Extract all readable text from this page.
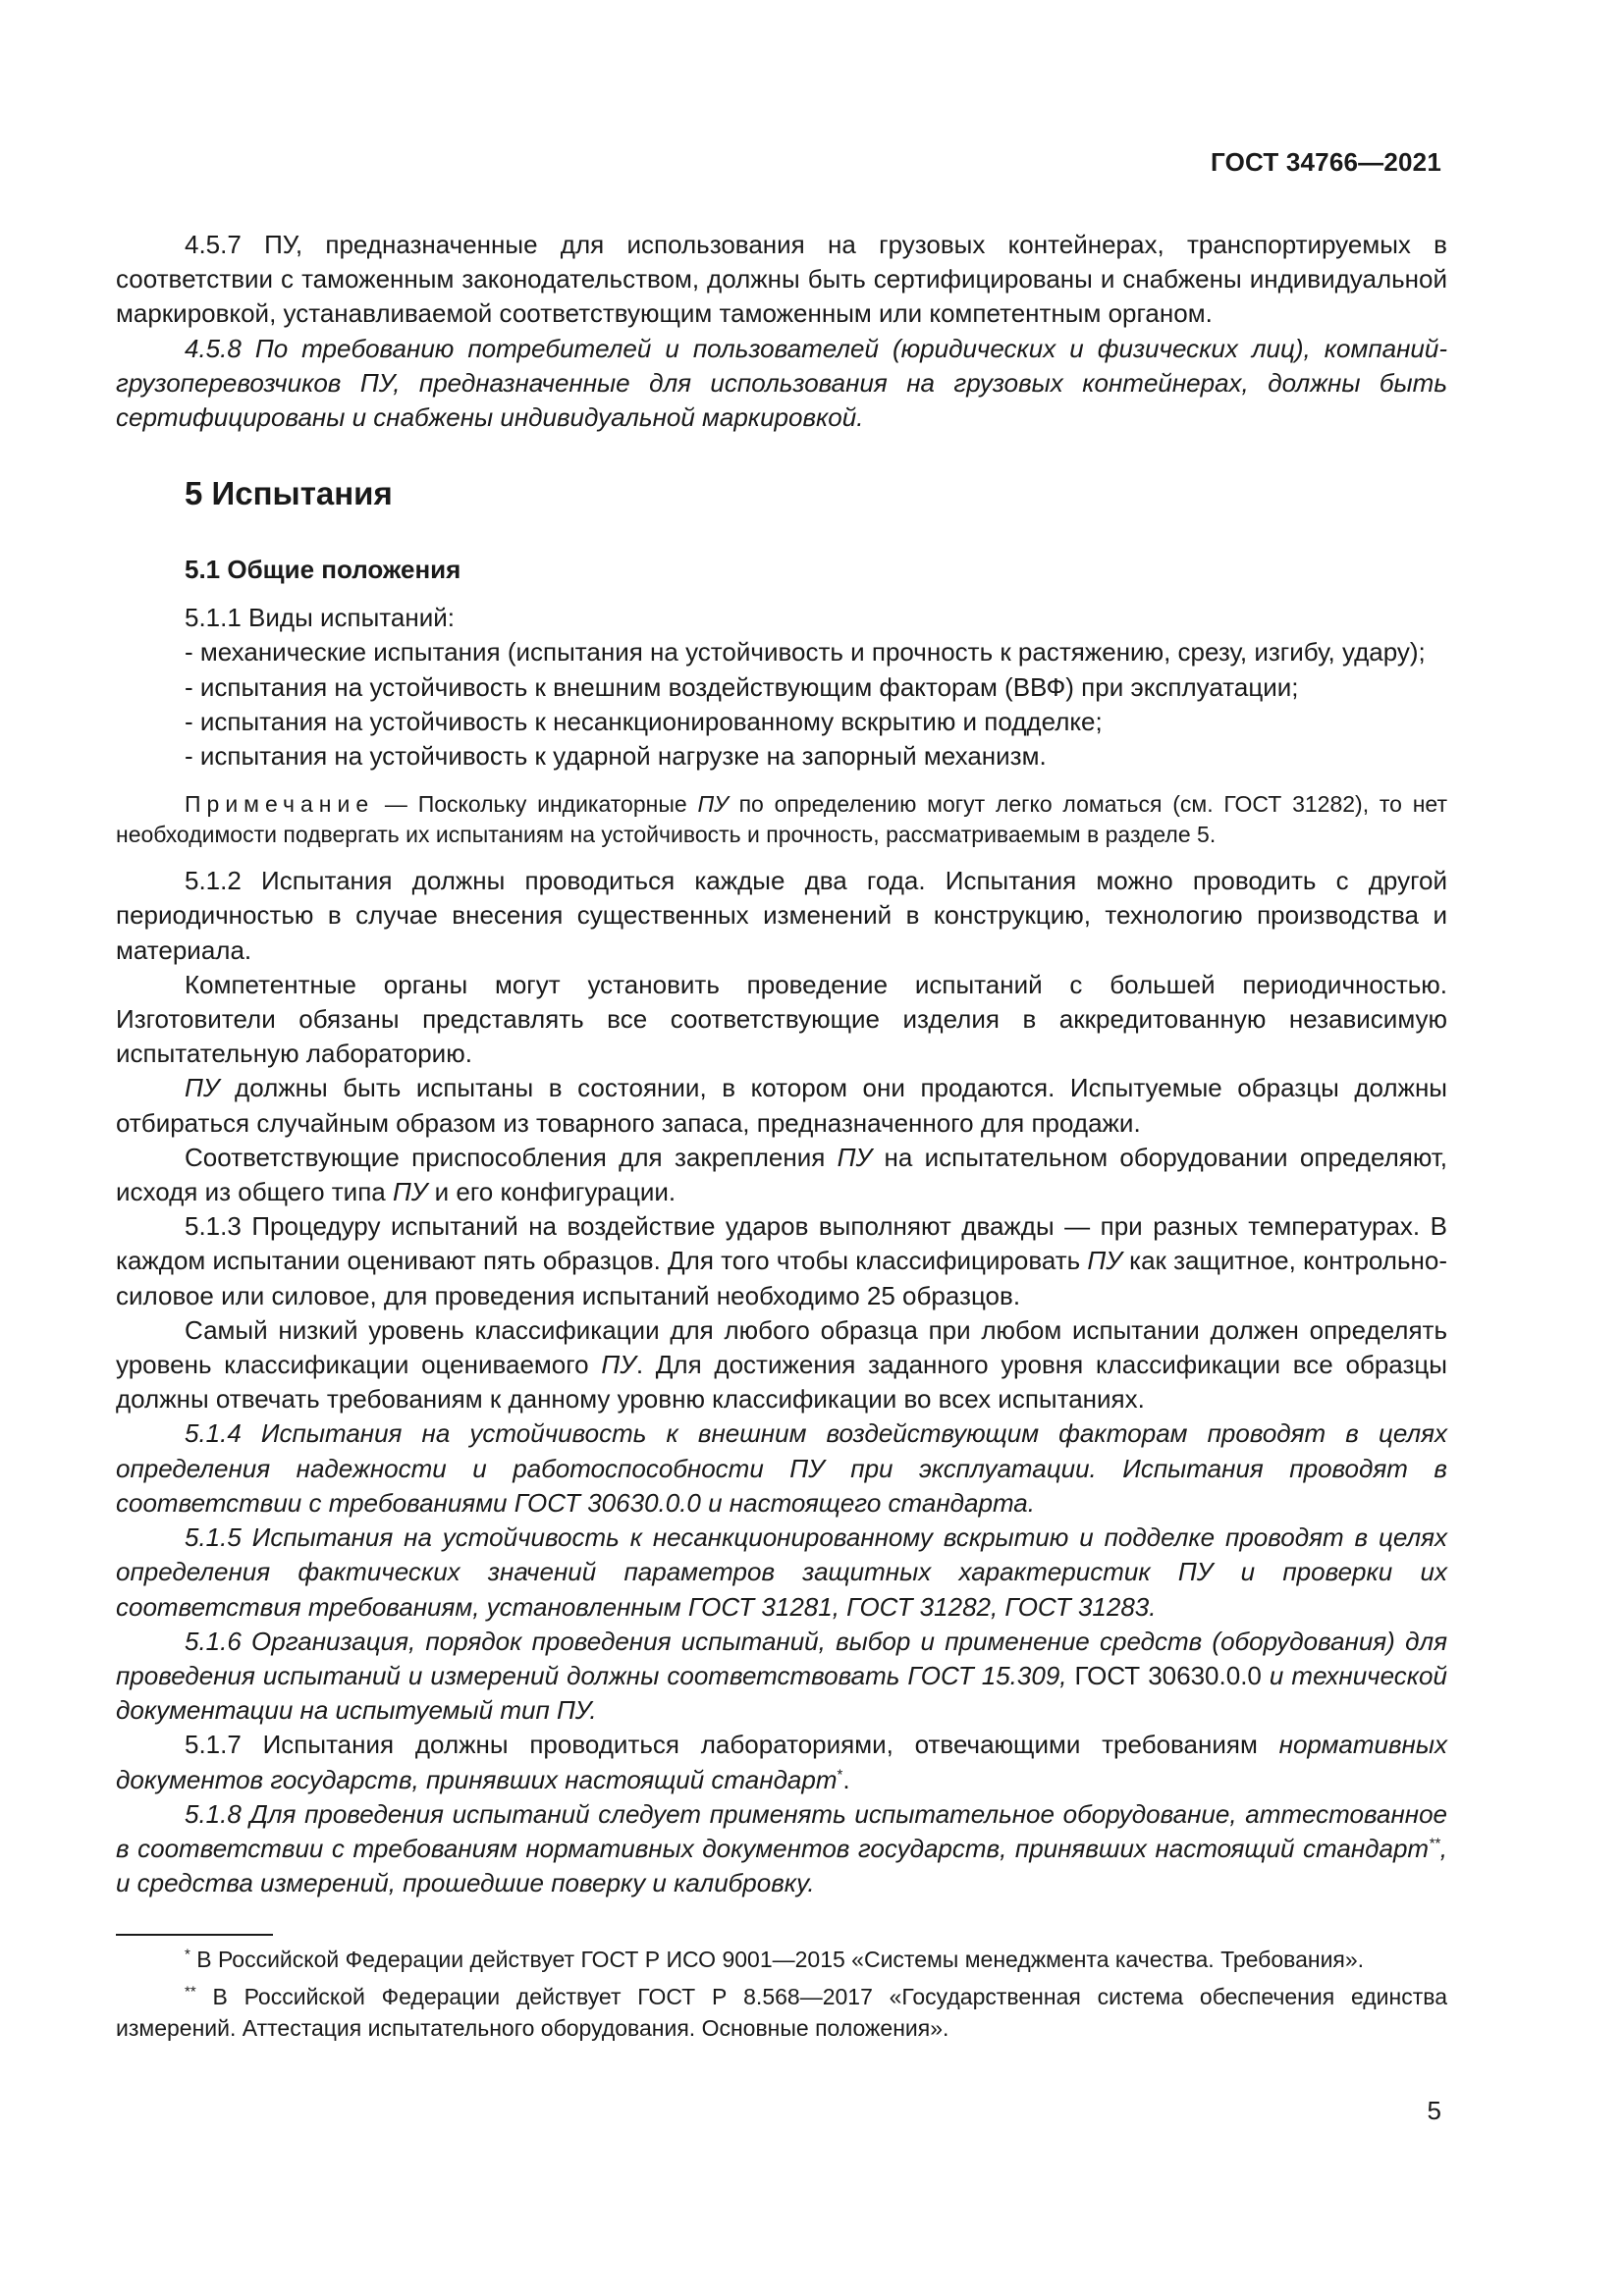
ГОСТ 34766—2021

4.5.7 ПУ, предназначенные для использования на грузовых контейнерах, транспортируемых в соответствии с таможенным законодательством, должны быть сертифицированы и снабжены индивидуальной маркировкой, устанавливаемой соответствующим таможенным или компетентным органом.

4.5.8 По требованию потребителей и пользователей (юридических и физических лиц), компаний-грузоперевозчиков ПУ, предназначенные для использования на грузовых контейнерах, должны быть сертифицированы и снабжены индивидуальной маркировкой.

5 Испытания
5.1 Общие положения

5.1.1 Виды испытаний:

- механические испытания (испытания на устойчивость и прочность к растяжению, срезу, изгибу, удару);

- испытания на устойчивость к внешним воздействующим факторам (ВВФ) при эксплуатации;

- испытания на устойчивость к несанкционированному вскрытию и подделке;

- испытания на устойчивость к ударной нагрузке на запорный механизм.

Примечание — Поскольку индикаторные ПУ по определению могут легко ломаться (см. ГОСТ 31282), то нет необходимости подвергать их испытаниям на устойчивость и прочность, рассматриваемым в разделе 5.

5.1.2 Испытания должны проводиться каждые два года. Испытания можно проводить с другой периодичностью в случае внесения существенных изменений в конструкцию, технологию производства и материала.

Компетентные органы могут установить проведение испытаний с большей периодичностью. Изготовители обязаны представлять все соответствующие изделия в аккредитованную независимую испытательную лабораторию.

ПУ должны быть испытаны в состоянии, в котором они продаются. Испытуемые образцы должны отбираться случайным образом из товарного запаса, предназначенного для продажи.

Соответствующие приспособления для закрепления ПУ на испытательном оборудовании определяют, исходя из общего типа ПУ и его конфигурации.

5.1.3 Процедуру испытаний на воздействие ударов выполняют дважды — при разных температурах. В каждом испытании оценивают пять образцов. Для того чтобы классифицировать ПУ как защитное, контрольно-силовое или силовое, для проведения испытаний необходимо 25 образцов.

Самый низкий уровень классификации для любого образца при любом испытании должен определять уровень классификации оцениваемого ПУ. Для достижения заданного уровня классификации все образцы должны отвечать требованиям к данному уровню классификации во всех испытаниях.

5.1.4 Испытания на устойчивость к внешним воздействующим факторам проводят в целях определения надежности и работоспособности ПУ при эксплуатации. Испытания проводят в соответствии с требованиями ГОСТ 30630.0.0 и настоящего стандарта.

5.1.5 Испытания на устойчивость к несанкционированному вскрытию и подделке проводят в целях определения фактических значений параметров защитных характеристик ПУ и проверки их соответствия требованиям, установленным ГОСТ 31281, ГОСТ 31282, ГОСТ 31283.

5.1.6 Организация, порядок проведения испытаний, выбор и применение средств (оборудования) для проведения испытаний и измерений должны соответствовать ГОСТ 15.309, ГОСТ 30630.0.0 и технической документации на испытуемый тип ПУ.

5.1.7 Испытания должны проводиться лабораториями, отвечающими требованиям нормативных документов государств, принявших настоящий стандарт*.

5.1.8 Для проведения испытаний следует применять испытательное оборудование, аттестованное в соответствии с требованиям нормативных документов государств, принявших настоящий стандарт**, и средства измерений, прошедшие поверку и калибровку.

* В Российской Федерации действует ГОСТ Р ИСО 9001—2015 «Системы менеджмента качества. Требования».

** В Российской Федерации действует ГОСТ Р 8.568—2017 «Государственная система обеспечения единства измерений. Аттестация испытательного оборудования. Основные положения».

5
